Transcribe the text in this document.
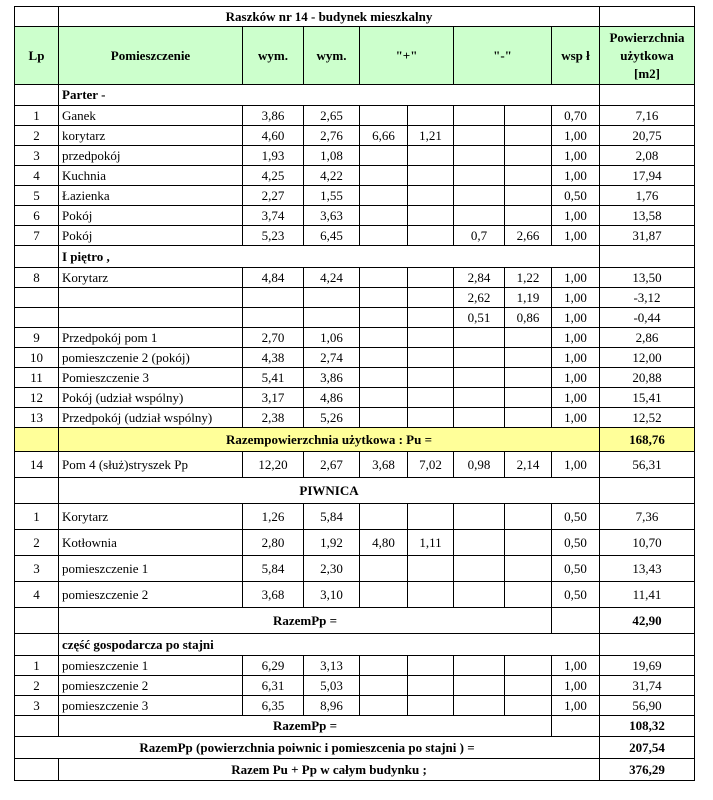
	Raszków nr 14 - budynek mieszkalny								
Lp	Pomieszczenie	wym.	wym.	"+"		"-"		wsp ł	Powierzchnia
użytkowa
[m2]

	Parter -								
1	Ganek	3,86	2,65					0,70	7,16
2	korytarz	4,60	2,76	6,66	1,21			1,00	20,75
3	przedpokój	1,93	1,08					1,00	2,08
4	Kuchnia	4,25	4,22					1,00	17,94
5	Łazienka	2,27	1,55					0,50	1,76
6	Pokój	3,74	3,63					1,00	13,58
7	Pokój	5,23	6,45			0,7	2,66	1,00	31,87
	I piętro ,								
8	Korytarz	4,84	4,24			2,84	1,22	1,00	13,50
						2,62	1,19	1,00	-3,12
						0,51	0,86	1,00	-0,44
9	Przedpokój pom 1	2,70	1,06					1,00	2,86
10	pomieszczenie 2 (pokój)	4,38	2,74					1,00	12,00
11	Pomieszczenie 3	5,41	3,86					1,00	20,88
12	Pokój (udział wspólny)	3,17	4,86					1,00	15,41
13	Przedpokój (udział wspólny)	2,38	5,26					1,00	12,52
	Razempowierzchnia użytkowa : Pu =								168,76
14	Pom 4 (służ)stryszek Pp	12,20	2,67	3,68	7,02	0,98	2,14	1,00	56,31
	PIWNICA								
1	Korytarz	1,26	5,84					0,50	7,36
2	Kotłownia	2,80	1,92	4,80	1,11			0,50	10,70
3	pomieszczenie 1	5,84	2,30					0,50	13,43
4	pomieszczenie 2	3,68	3,10					0,50	11,41
	RazemPp =								42,90
	część gospodarcza po stajni								
1	pomieszczenie 1	6,29	3,13					1,00	19,69
2	pomieszczenie 2	6,31	5,03					1,00	31,74
3	pomieszczenie 3	6,35	8,96					1,00	56,90
	RazemPp =								108,32
RazemPp (powierzchnia poiwnic i pomieszcenia po stajni ) =									207,54
	Razem Pu + Pp w całym budynku ;								376,29
